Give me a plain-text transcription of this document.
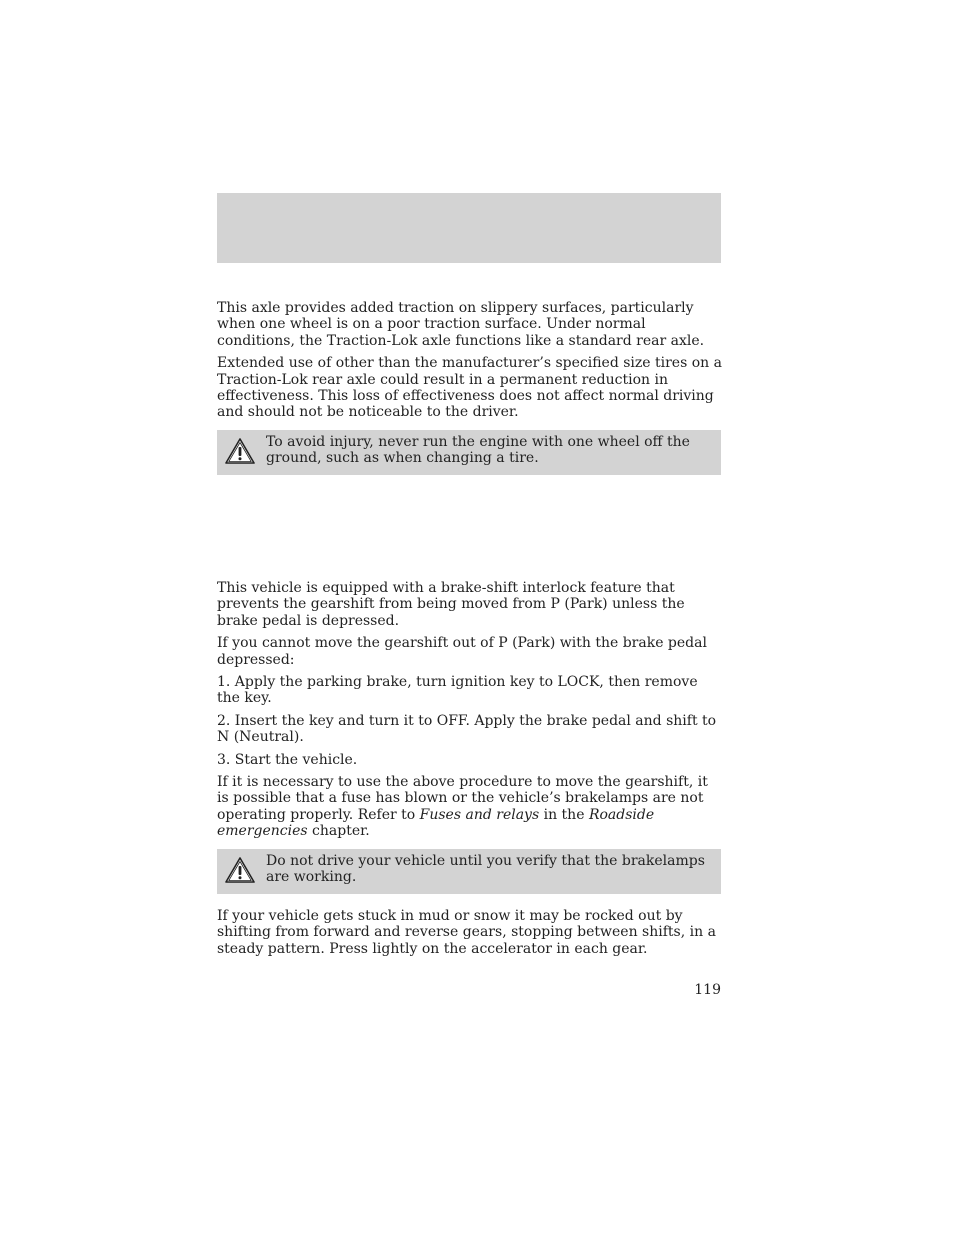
This axle provides added traction on slippery surfaces, particularly when one wheel is on a poor traction surface. Under normal conditions, the Traction-Lok axle functions like a standard rear axle.

Extended use of other than the manufacturer’s specified size tires on a Traction-Lok rear axle could result in a permanent reduction in effectiveness. This loss of effectiveness does not affect normal driving and should not be noticeable to the driver.

To avoid injury, never run the engine with one wheel off the ground, such as when changing a tire.

This vehicle is equipped with a brake-shift interlock feature that prevents the gearshift from being moved from P (Park) unless the brake pedal is depressed.

If you cannot move the gearshift out of P (Park) with the brake pedal depressed:

1. Apply the parking brake, turn ignition key to LOCK, then remove the key.

2. Insert the key and turn it to OFF. Apply the brake pedal and shift to N (Neutral).

3. Start the vehicle.

If it is necessary to use the above procedure to move the gearshift, it is possible that a fuse has blown or the vehicle’s brakelamps are not operating properly. Refer to Fuses and relays in the Roadside emergencies chapter.

Do not drive your vehicle until you verify that the brakelamps are working.

If your vehicle gets stuck in mud or snow it may be rocked out by shifting from forward and reverse gears, stopping between shifts, in a steady pattern. Press lightly on the accelerator in each gear.

119
